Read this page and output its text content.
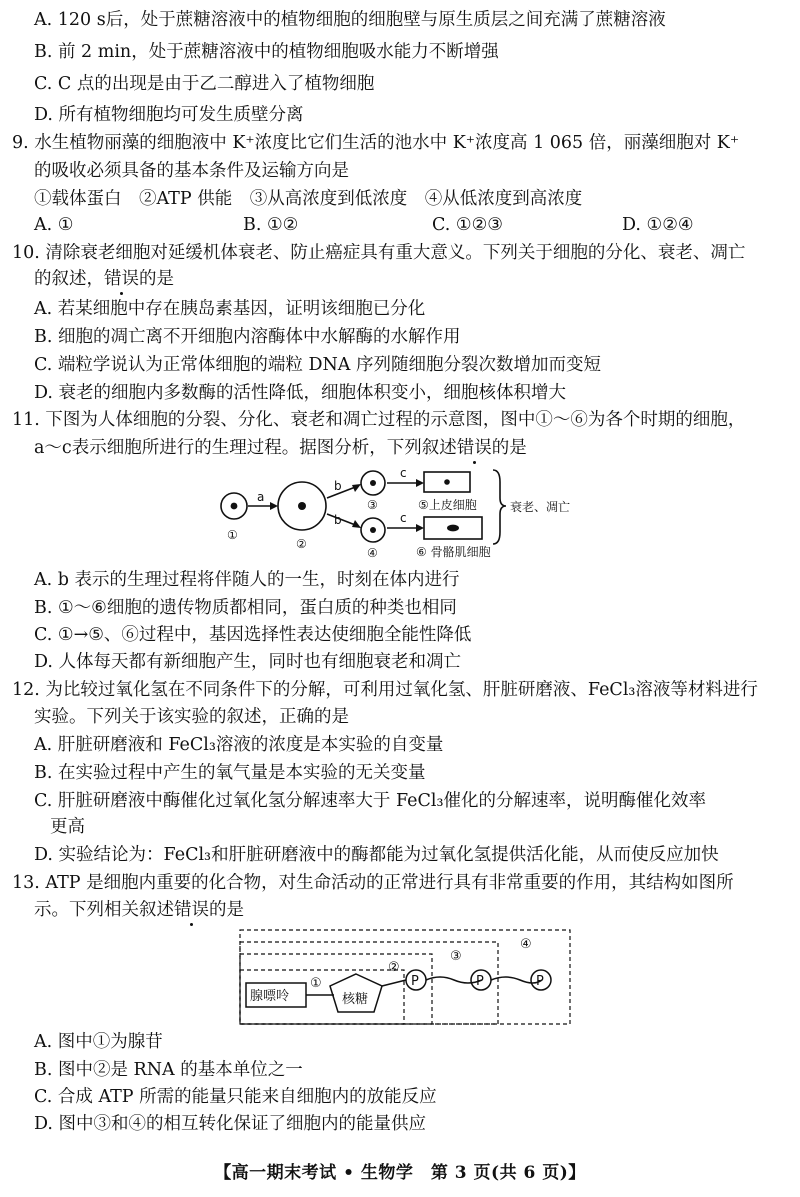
A. 120 s后，处于蔗糖溶液中的植物细胞的细胞壁与原生质层之间充满了蔗糖溶液
B. 前 2 min，处于蔗糖溶液中的植物细胞吸水能力不断增强
C. C 点的出现是由于乙二醇进入了植物细胞
D. 所有植物细胞均可发生质壁分离
9. 水生植物丽藻的细胞液中 K⁺浓度比它们生活的池水中 K⁺浓度高 1 065 倍，丽藻细胞对 K⁺
的吸收必须具备的基本条件及运输方向是
①载体蛋白　②ATP 供能　③从高浓度到低浓度　④从低浓度到高浓度
A. ①	B. ①②	C. ①②③	D. ①②④
10. 清除衰老细胞对延缓机体衰老、防止癌症具有重大意义。下列关于细胞的分化、衰老、凋亡
的叙述，错误的是
A. 若某细胞中存在胰岛素基因，证明该细胞已分化
B. 细胞的凋亡离不开细胞内溶酶体中水解酶的水解作用
C. 端粒学说认为正常体细胞的端粒 DNA 序列随细胞分裂次数增加而变短
D. 衰老的细胞内多数酶的活性降低，细胞体积变小，细胞核体积增大
11. 下图为人体细胞的分裂、分化、衰老和凋亡过程的示意图，图中①～⑥为各个时期的细胞，
a～c表示细胞所进行的生理过程。据图分析，下列叙述错误的是
①
a
②
b
b
③
④
c
c
⑤上皮细胞
⑥ 骨骼肌细胞
衰老、凋亡
A. b 表示的生理过程将伴随人的一生，时刻在体内进行
B. ①～⑥细胞的遗传物质都相同，蛋白质的种类也相同
C. ①→⑤、⑥过程中，基因选择性表达使细胞全能性降低
D. 人体每天都有新细胞产生，同时也有细胞衰老和凋亡
12. 为比较过氧化氢在不同条件下的分解，可利用过氧化氢、肝脏研磨液、FeCl₃溶液等材料进行
实验。下列关于该实验的叙述，正确的是
A. 肝脏研磨液和 FeCl₃溶液的浓度是本实验的自变量
B. 在实验过程中产生的氧气量是本实验的无关变量
C. 肝脏研磨液中酶催化过氧化氢分解速率大于 FeCl₃催化的分解速率，说明酶催化效率
更高
D. 实验结论为：FeCl₃和肝脏研磨液中的酶都能为过氧化氢提供活化能，从而使反应加快
13. ATP 是细胞内重要的化合物，对生命活动的正常进行具有非常重要的作用，其结构如图所
示。下列相关叙述错误的是
腺嘌呤	核糖
P	P	P
①
②
③
④
A. 图中①为腺苷
B. 图中②是 RNA 的基本单位之一
C. 合成 ATP 所需的能量只能来自细胞内的放能反应
D. 图中③和④的相互转化保证了细胞内的能量供应
【高一期末考试 • 生物学　第 3 页(共 6 页)】
